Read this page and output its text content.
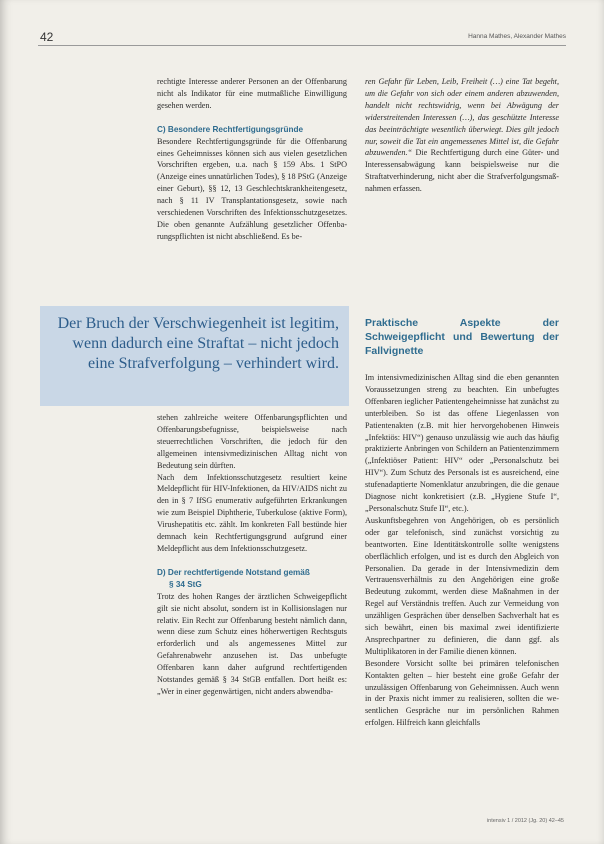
42	Hanna Mathes, Alexander Mathes

rechtigte Interesse anderer Personen an der Offenbarung nicht als Indikator für eine mutmaßliche Einwilligung gesehen werden.

C) Besondere Rechtfertigungsgründe

Besondere Rechtfertigungsgründe für die Offenbarung eines Geheimnisses können sich aus vielen gesetzlichen Vorschriften ergeben, u.a. nach § 159 Abs. 1 StPO (Anzeige eines unnatürlichen Todes), § 18 PStG (Anzeige einer Geburt), §§ 12, 13 Geschlechtskrankheitengesetz, nach § 11 IV Transplantationsgesetz, sowie nach verschiedenen Vorschriften des Infektionsschutzgesetzes. Die oben genannte Aufzählung gesetzlicher Offenbarungspflichten ist nicht abschließend. Es be-

Der Bruch der Verschwiegenheit ist legitim, wenn dadurch eine Straftat – nicht jedoch eine Strafverfolgung – verhindert wird.

stehen zahlreiche weitere Offenbarungspflichten und Offenbarungsbefugnisse, beispielsweise nach steuerrechtlichen Vorschriften, die jedoch für den allgemeinen intensivmedizinischen Alltag nicht von Bedeutung sein dürften.

Nach dem Infektionsschutzgesetz resultiert keine Meldepflicht für HIV-Infektionen, da HIV/AIDS nicht zu den in § 7 IfSG enumerativ aufgeführten Erkrankungen wie zum Beispiel Diphtherie, Tuberkulose (aktive Form), Virushepatitis etc. zählt. Im konkreten Fall bestünde hier demnach kein Rechtfertigungsgrund aufgrund einer Meldepflicht aus dem Infektionsschutzgesetz.

D) Der rechtfertigende Notstand gemäß
§ 34 StG

Trotz des hohen Ranges der ärztlichen Schweigepflicht gilt sie nicht absolut, sondern ist in Kollisionslagen nur relativ. Ein Recht zur Offenbarung besteht nämlich dann, wenn diese zum Schutz eines höherwertigen Rechtsguts erforderlich und als angemessenes Mittel zur Gefahrenabwehr anzusehen ist. Das unbefugte Offenbaren kann daher aufgrund rechtfertigenden Notstandes gemäß § 34 StGB entfallen. Dort heißt es: „Wer in einer gegenwärtigen, nicht anders abwendba-

ren Gefahr für Leben, Leib, Freiheit (…) eine Tat begeht, um die Gefahr von sich oder einem anderen abzuwenden, handelt nicht rechtswidrig, wenn bei Abwägung der widerstreitenden Interessen (…), das geschützte Interesse das beeinträchtigte wesentlich überwiegt. Dies gilt jedoch nur, soweit die Tat ein angemessenes Mittel ist, die Gefahr abzuwenden.“ Die Rechtfertigung durch eine Güter- und Interessensabwägung kann beispielsweise nur die Straftatverhinderung, nicht aber die Strafverfolgungsmaßnahmen erfassen.

Praktische Aspekte der Schweigepflicht und Bewertung der Fallvignette

Im intensivmedizinischen Alltag sind die eben genannten Voraussetzungen streng zu beachten. Ein unbefugtes Offenbaren ieglicher Patientengeheimnisse hat zunächst zu unterbleiben. So ist das offene Liegenlassen von Patientenakten (z.B. mit hier hervorgehobenen Hinweis „Infektiös: HIV“) genauso unzulässig wie auch das häufig praktizierte Anbringen von Schildern an Patientenzimmern („Infektiöser Patient: HIV“ oder „Personalschutz bei HIV“). Zum Schutz des Personals ist es ausreichend, eine stufenadaptierte Nomenklatur anzubringen, die die genaue Diagnose nicht konkretisiert (z.B. „Hygiene Stufe I“, „Personalschutz Stufe II“, etc.).

Auskunftsbegehren von Angehörigen, ob es persönlich oder gar telefonisch, sind zunächst vorsichtig zu beantworten. Eine Identitätskontrolle sollte wenigstens oberflächlich erfolgen, und ist es durch den Abgleich von Personalien. Da gerade in der Intensivmedizin dem Vertrauensverhältnis zu den Angehörigen eine große Bedeutung zukommt, werden diese Maßnahmen in der Regel auf Verständnis treffen. Auch zur Vermeidung von unzähligen Gesprächen über denselben Sachverhalt hat es sich bewährt, einen bis maximal zwei identifizierte Ansprechpartner zu definieren, die dann ggf. als Multiplikatoren in der Familie dienen können.

Besondere Vorsicht sollte bei primären telefonischen Kontakten gelten – hier besteht eine große Gefahr der unzulässigen Offenbarung von Geheimnissen. Auch wenn in der Praxis nicht immer zu realisieren, sollten die wesentlichen Gespräche nur im persönlichen Rahmen erfolgen. Hilfreich kann gleichfalls

intensiv 1 / 2012 (Jg. 20) 42–45
